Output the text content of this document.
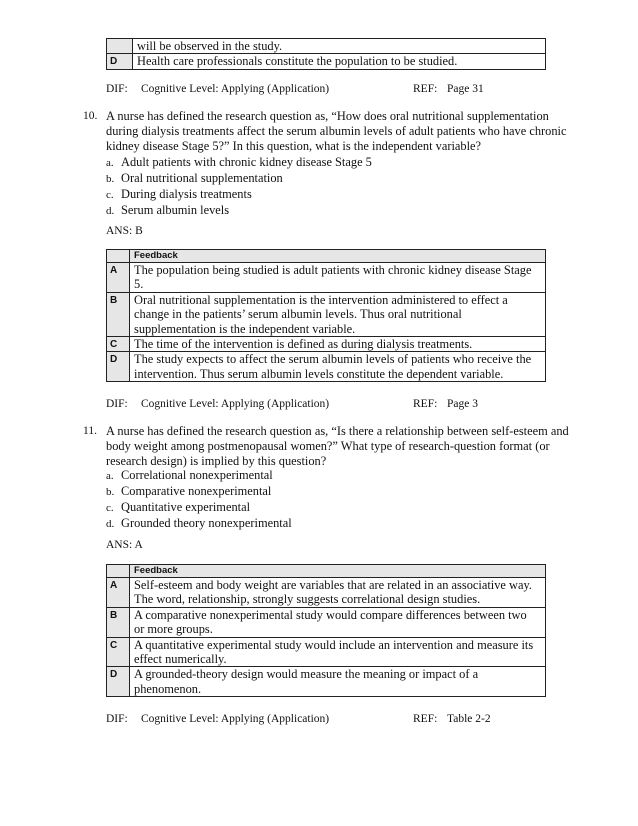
	will be observed in the study.
D	Health care professionals constitute the population to be studied.
DIF: Cognitive Level: Applying (Application)	REF: Page 31
10. A nurse has defined the research question as, “How does oral nutritional supplementation
during dialysis treatments affect the serum albumin levels of adult patients who have chronic
kidney disease Stage 5?” In this question, what is the independent variable?
a. Adult patients with chronic kidney disease Stage 5
b. Oral nutritional supplementation
c. During dialysis treatments
d. Serum albumin levels
ANS: B
	Feedback
A	The population being studied is adult patients with chronic kidney disease Stage
5.

B	Oral nutritional supplementation is the intervention administered to effect a
change in the patients’ serum albumin levels. Thus oral nutritional
supplementation is the independent variable.

C	The time of the intervention is defined as during dialysis treatments.

D	The study expects to affect the serum albumin levels of patients who receive the
intervention. Thus serum albumin levels constitute the dependent variable.
DIF: Cognitive Level: Applying (Application)	REF: Page 3
11. A nurse has defined the research question as, “Is there a relationship between self-esteem and
body weight among postmenopausal women?” What type of research-question format (or
research design) is implied by this question?
a. Correlational nonexperimental
b. Comparative nonexperimental
c. Quantitative experimental
d. Grounded theory nonexperimental
ANS: A
	Feedback
A	Self-esteem and body weight are variables that are related in an associative way.
The word, relationship, strongly suggests correlational design studies.

B	A comparative nonexperimental study would compare differences between two
or more groups.

C	A quantitative experimental study would include an intervention and measure its
effect numerically.

D	A grounded-theory design would measure the meaning or impact of a
phenomenon.
DIF: Cognitive Level: Applying (Application)	REF: Table 2-2
